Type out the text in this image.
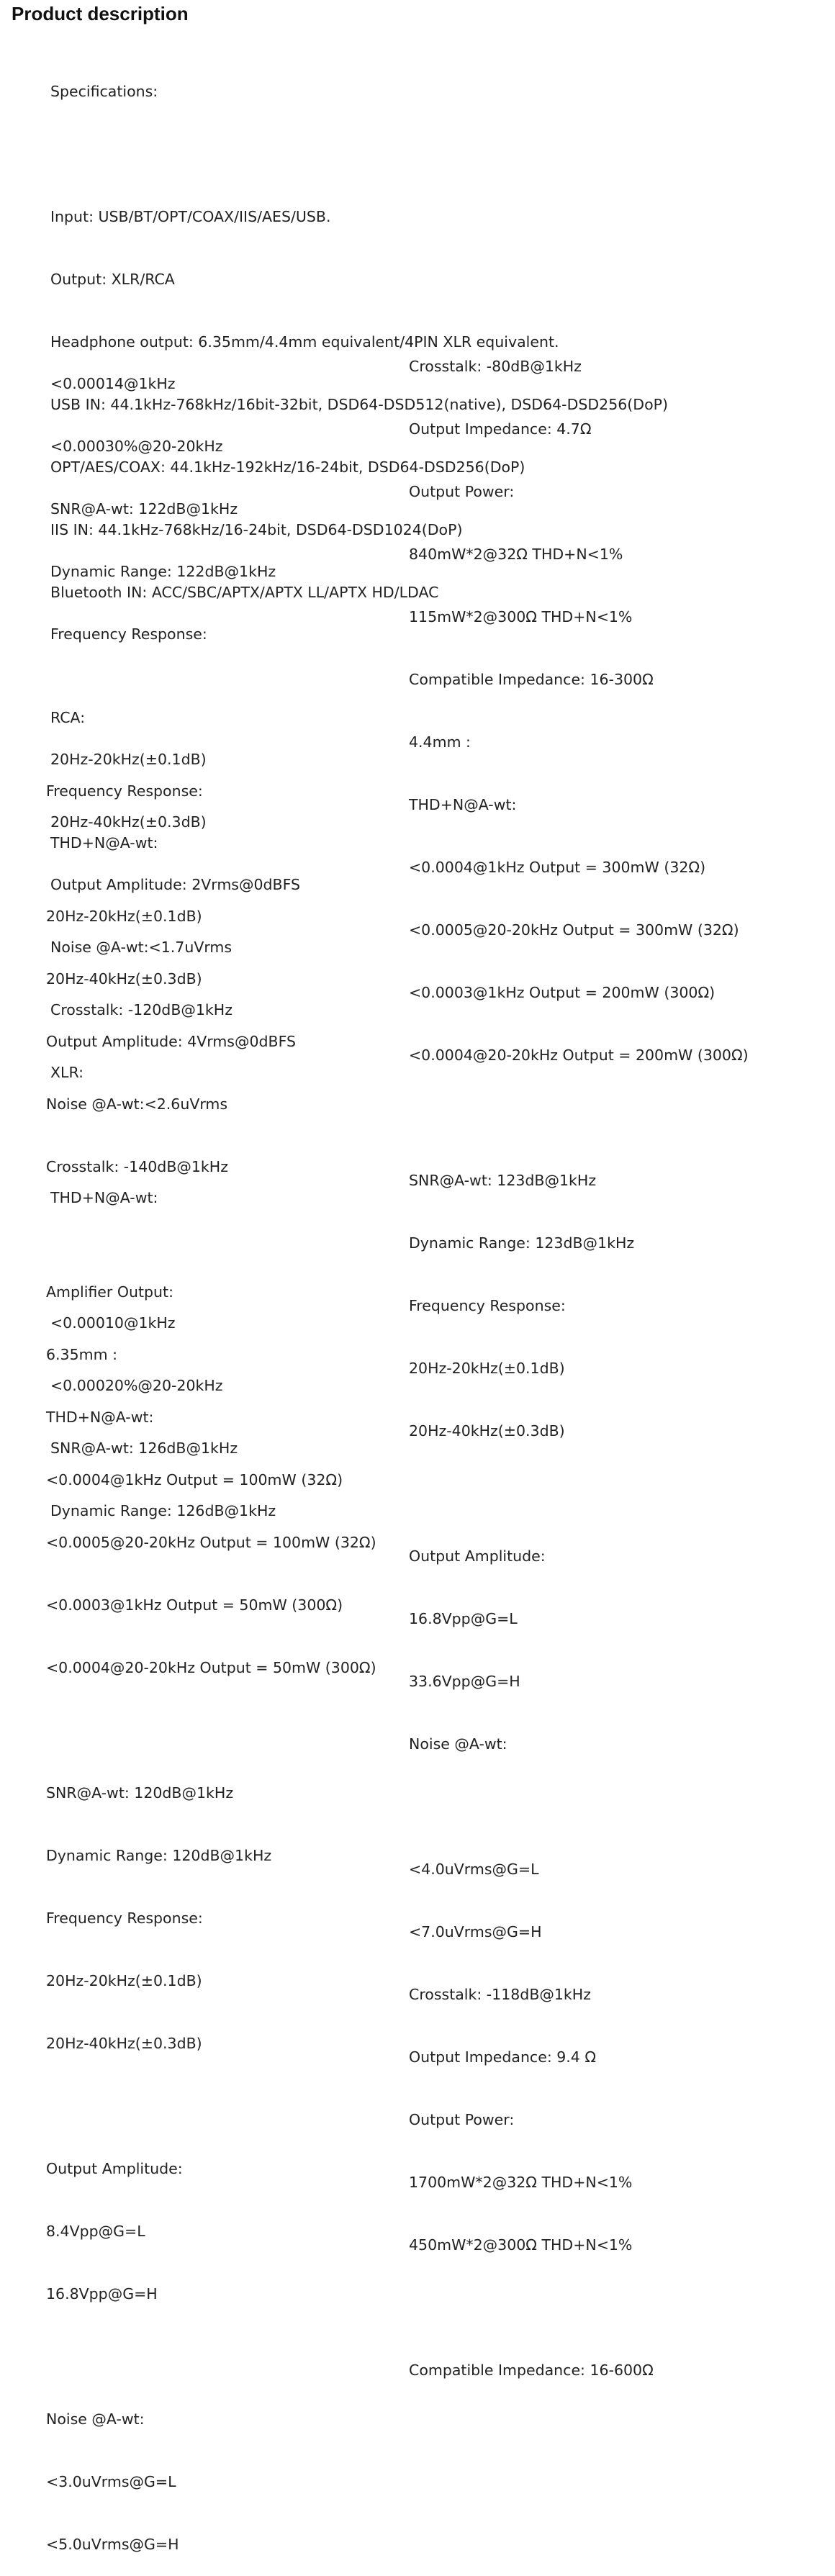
Product description

Specifications:

Input: USB/BT/OPT/COAX/IIS/AES/USB.

Output: XLR/RCA

Headphone output: 6.35mm/4.4mm equivalent/4PIN XLR equivalent.

USB IN: 44.1kHz-768kHz/16bit-32bit, DSD64-DSD512(native), DSD64-DSD256(DoP)

OPT/AES/COAX: 44.1kHz-192kHz/16-24bit, DSD64-DSD256(DoP)

IIS IN: 44.1kHz-768kHz/16-24bit, DSD64-DSD1024(DoP)

Bluetooth IN: ACC/SBC/APTX/APTX LL/APTX HD/LDAC

RCA:

THD+N@A-wt:

<0.00014@1kHz

<0.00030%@20-20kHz

SNR@A-wt: 122dB@1kHz

Dynamic Range: 122dB@1kHz

Frequency Response:

20Hz-20kHz(±0.1dB)

20Hz-40kHz(±0.3dB)

Output Amplitude: 2Vrms@0dBFS

Noise @A-wt:<1.7uVrms

Crosstalk: -120dB@1kHz

XLR:

THD+N@A-wt:

<0.00010@1kHz

<0.00020%@20-20kHz

SNR@A-wt: 126dB@1kHz

Dynamic Range: 126dB@1kHz

Frequency Response:

20Hz-20kHz(±0.1dB)

20Hz-40kHz(±0.3dB)

Output Amplitude: 4Vrms@0dBFS

Noise @A-wt:<2.6uVrms

Crosstalk: -140dB@1kHz

Amplifier Output:

6.35mm :

THD+N@A-wt:

<0.0004@1kHz Output = 100mW (32Ω)

<0.0005@20-20kHz Output = 100mW (32Ω)

<0.0003@1kHz Output = 50mW (300Ω)

<0.0004@20-20kHz Output = 50mW (300Ω)

SNR@A-wt: 120dB@1kHz

Dynamic Range: 120dB@1kHz

Frequency Response:

20Hz-20kHz(±0.1dB)

20Hz-40kHz(±0.3dB)

Output Amplitude:

8.4Vpp@G=L

16.8Vpp@G=H

Noise @A-wt:

<3.0uVrms@G=L

<5.0uVrms@G=H

Crosstalk: -80dB@1kHz

Output Impedance: 4.7Ω

Output Power:

840mW*2@32Ω THD+N<1%

115mW*2@300Ω THD+N<1%

Compatible Impedance: 16-300Ω

4.4mm :

THD+N@A-wt:

<0.0004@1kHz Output = 300mW (32Ω)

<0.0005@20-20kHz Output = 300mW (32Ω)

<0.0003@1kHz Output = 200mW (300Ω)

<0.0004@20-20kHz Output = 200mW (300Ω)

SNR@A-wt: 123dB@1kHz

Dynamic Range: 123dB@1kHz

Frequency Response:

20Hz-20kHz(±0.1dB)

20Hz-40kHz(±0.3dB)

Output Amplitude:

16.8Vpp@G=L

33.6Vpp@G=H

Noise @A-wt:

<4.0uVrms@G=L

<7.0uVrms@G=H

Crosstalk: -118dB@1kHz

Output Impedance: 9.4 Ω

Output Power:

1700mW*2@32Ω THD+N<1%

450mW*2@300Ω THD+N<1%

Compatible Impedance: 16-600Ω
